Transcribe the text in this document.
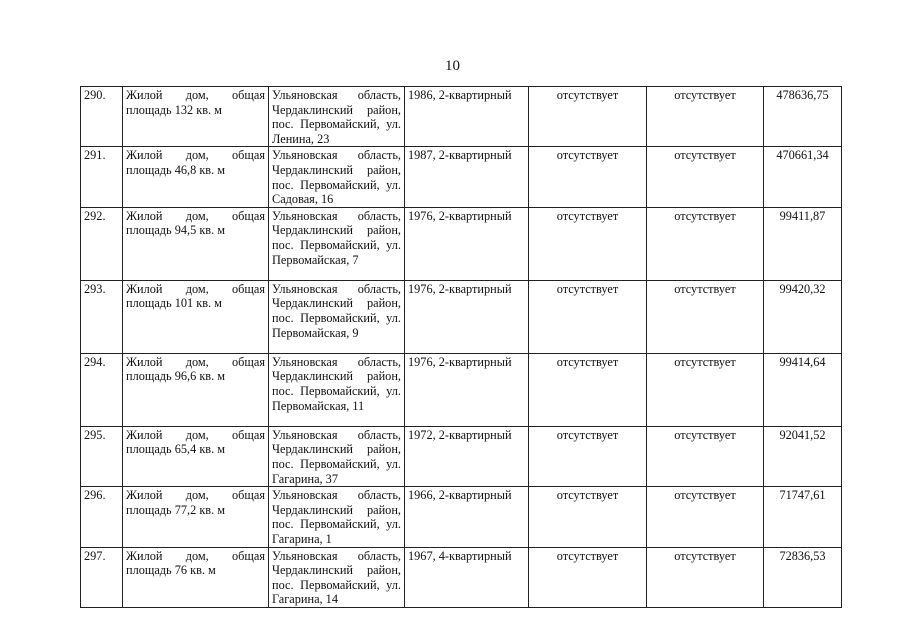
10
290.	Жилой дом, общая площадь 132 кв. м	Ульяновская область, Чердаклинский район, пос. Первомайский, ул. Ленина, 23	1986, 2-квартирный	отсутствует	отсутствует	478636,75
291.	Жилой дом, общая площадь 46,8 кв. м	Ульяновская область, Чердаклинский район, пос. Первомайский, ул. Садовая, 16	1987, 2-квартирный	отсутствует	отсутствует	470661,34
292.	Жилой дом, общая площадь 94,5 кв. м	Ульяновская область, Чердаклинский район, пос. Первомайский, ул. Первомайская, 7	1976, 2-квартирный	отсутствует	отсутствует	99411,87
293.	Жилой дом, общая площадь 101 кв. м	Ульяновская область, Чердаклинский район, пос. Первомайский, ул. Первомайская, 9	1976, 2-квартирный	отсутствует	отсутствует	99420,32
294.	Жилой дом, общая площадь 96,6 кв. м	Ульяновская область, Чердаклинский район, пос. Первомайский, ул. Первомайская, 11	1976, 2-квартирный	отсутствует	отсутствует	99414,64
295.	Жилой дом, общая площадь 65,4 кв. м	Ульяновская область, Чердаклинский район, пос. Первомайский, ул. Гагарина, 37	1972, 2-квартирный	отсутствует	отсутствует	92041,52
296.	Жилой дом, общая площадь 77,2 кв. м	Ульяновская область, Чердаклинский район, пос. Первомайский, ул. Гагарина, 1	1966, 2-квартирный	отсутствует	отсутствует	71747,61
297.	Жилой дом, общая площадь 76 кв. м	Ульяновская область, Чердаклинский район, пос. Первомайский, ул. Гагарина, 14	1967, 4-квартирный	отсутствует	отсутствует	72836,53
